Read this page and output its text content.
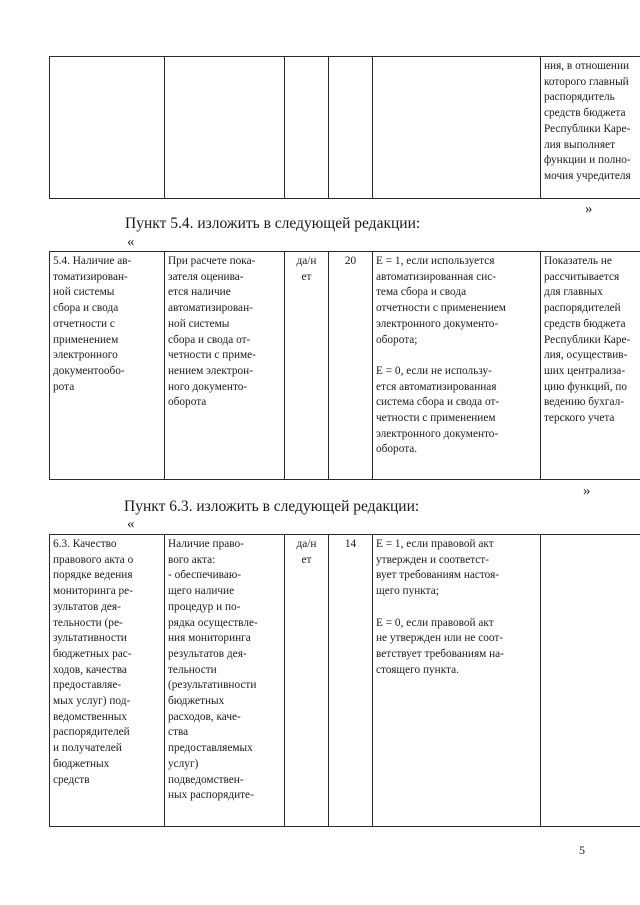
					ния, в отношении
которого главный
распорядитель
средств бюджета
Республики Каре-
лия выполняет
функции и полно-
мочия учредителя
»
Пункт 5.4. изложить в следующей редакции:
«
5.4. Наличие ав-
томатизирован-
ной системы
сбора и свода
отчетности с
применением
электронного
документообо-
рота	При расчете пока-
зателя оценива-
ется наличие
автоматизирован-
ной системы
сбора и свода от-
четности с приме-
нением электрон-
ного документо-
оборота	да/н
ет	20	E = 1, если используется
автоматизированная сис-
тема сбора и свода
отчетности с применением
электронного документо-
оборота;

E = 0, если не использу-
ется автоматизированная
система сбора и свода от-
четности с применением
электронного документо-
оборота.	Показатель не
рассчитывается
для главных
распорядителей
средств бюджета
Республики Каре-
лия, осуществив-
ших централиза-
цию функций, по
ведению бухгал-
терского учета
»
Пункт 6.3. изложить в следующей редакции:
«
6.3. Качество
правового акта о
порядке ведения
мониторинга ре-
зультатов дея-
тельности (ре-
зультативности
бюджетных рас-
ходов, качества
предоставляе-
мых услуг) под-
ведомственных
распорядителей
и получателей
бюджетных
средств	Наличие право-
вого акта:
- обеспечиваю-
щего наличие
процедур и по-
рядка осуществле-
ния мониторинга
результатов дея-
тельности
(результативности
бюджетных
расходов, каче-
ства
предоставляемых
услуг)
подведомствен-
ных распорядите-	да/н
ет	14	E = 1, если правовой акт
утвержден и соответст-
вует требованиям настоя-
щего пункта;

E = 0, если правовой акт
не утвержден или не соот-
ветствует требованиям на-
стоящего пункта.	
5
